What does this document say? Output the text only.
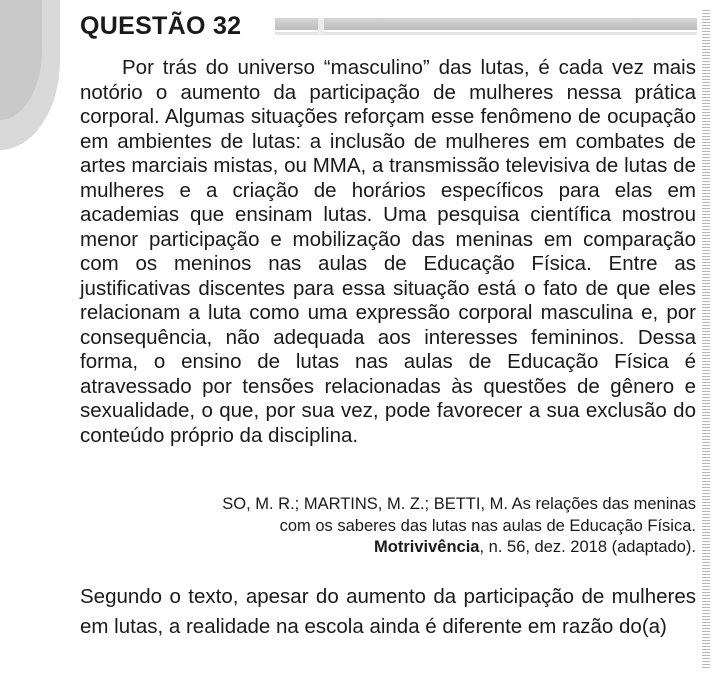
QUESTÃO 32

Por trás do universo “masculino” das lutas, é cada vez mais notório o aumento da participação de mulheres nessa prática corporal. Algumas situações reforçam esse fenômeno de ocupação em ambientes de lutas: a inclusão de mulheres em combates de artes marciais mistas, ou MMA, a transmissão televisiva de lutas de mulheres e a criação de horários específicos para elas em academias que ensinam lutas. Uma pesquisa científica mostrou menor participação e mobilização das meninas em comparação com os meninos nas aulas de Educação Física. Entre as justificativas discentes para essa situação está o fato de que eles relacionam a luta como uma expressão corporal masculina e, por consequência, não adequada aos interesses femininos. Dessa forma, o ensino de lutas nas aulas de Educação Física é atravessado por tensões relacionadas às questões de gênero e sexualidade, o que, por sua vez, pode favorecer a sua exclusão do conteúdo próprio da disciplina.

SO, M. R.; MARTINS, M. Z.; BETTI, M. As relações das meninas
com os saberes das lutas nas aulas de Educação Física.
Motrivivência, n. 56, dez. 2018 (adaptado).

Segundo o texto, apesar do aumento da participação de mulheres em lutas, a realidade na escola ainda é diferente em razão do(a)
